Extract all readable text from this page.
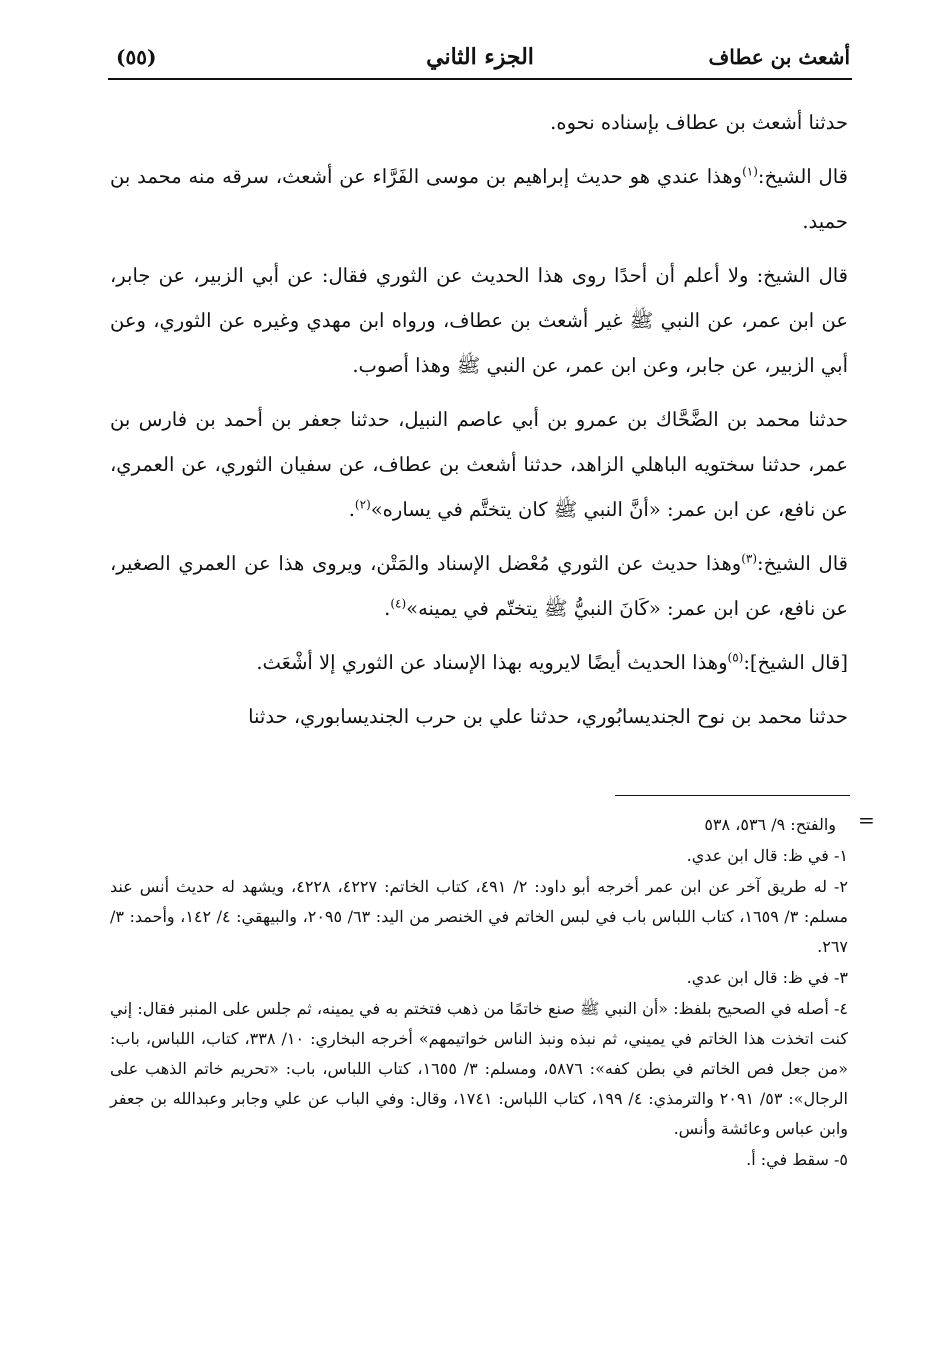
أشعث بن عطاف
الجزء الثاني
(٥٥)

حدثنا أشعث بن عطاف بإسناده نحوه.

قال الشيخ:$^{(١)}$وهذا عندي هو حديث إبراهيم بن موسى الفَرَّاء عن أشعث، سرقه منه محمد بن حميد.

قال الشيخ: ولا أعلم أن أحدًا روى هذا الحديث عن الثوري فقال: عن أبي الزبير، عن جابر، عن ابن عمر، عن النبي ﷺ غير أشعث بن عطاف، ورواه ابن مهدي وغيره عن الثوري، وعن أبي الزبير، عن جابر، وعن ابن عمر، عن النبي ﷺ وهذا أصوب.

حدثنا محمد بن الضَّحَّاك بن عمرو بن أبي عاصم النبيل، حدثنا جعفر بن أحمد بن فارس بن عمر، حدثنا سختويه الباهلي الزاهد، حدثنا أشعث بن عطاف، عن سفيان الثوري، عن العمري، عن نافع، عن ابن عمر: «أنَّ النبي ﷺ كان يتختَّم في يساره»$^{(٢)}$.

قال الشيخ:$^{(٣)}$وهذا حديث عن الثوري مُعْضل الإسناد والمَتْن، ويروى هذا عن العمري الصغير، عن نافع، عن ابن عمر: «كَانَ النبيُّ ﷺ يتختّم في يمينه»$^{(٤)}$.

[قال الشيخ]:$^{(٥)}$وهذا الحديث أيضًا لايرويه بهذا الإسناد عن الثوري إلا أشْعَث.

حدثنا محمد بن نوح الجنديسابُوري، حدثنا علي بن حرب الجنديسابوري، حدثنا

=
والفتح: ٩/ ٥٣٦، ٥٣٨
١- في ظ: قال ابن عدي.
٢- له طريق آخر عن ابن عمر أخرجه أبو داود: ٢/ ٤٩١، كتاب الخاتم: ٤٢٢٧، ٤٢٢٨، ويشهد له حديث أنس عند مسلم: ٣/ ١٦٥٩، كتاب اللباس باب في لبس الخاتم في الخنصر من اليد: ٦٣/ ٢٠٩٥، والبيهقي: ٤/ ١٤٢، وأحمد: ٣/ ٢٦٧.
٣- في ظ: قال ابن عدي.
٤- أصله في الصحيح بلفظ: «أن النبي ﷺ صنع خاتمًا من ذهب فتختم به في يمينه، ثم جلس على المنبر فقال: إني كنت اتخذت هذا الخاتم في يميني، ثم نبذه ونبذ الناس خواتيمهم» أخرجه البخاري: ١٠/ ٣٣٨، كتاب، اللباس، باب: «من جعل فص الخاتم في بطن كفه»: ٥٨٧٦، ومسلم: ٣/ ١٦٥٥، كتاب اللباس، باب: «تحريم خاتم الذهب على الرجال»: ٥٣/ ٢٠٩١ والترمذي: ٤/ ١٩٩، كتاب اللباس: ١٧٤١، وقال: وفي الباب عن علي وجابر وعبدالله بن جعفر وابن عباس وعائشة وأنس.
٥- سقط في: أ.
